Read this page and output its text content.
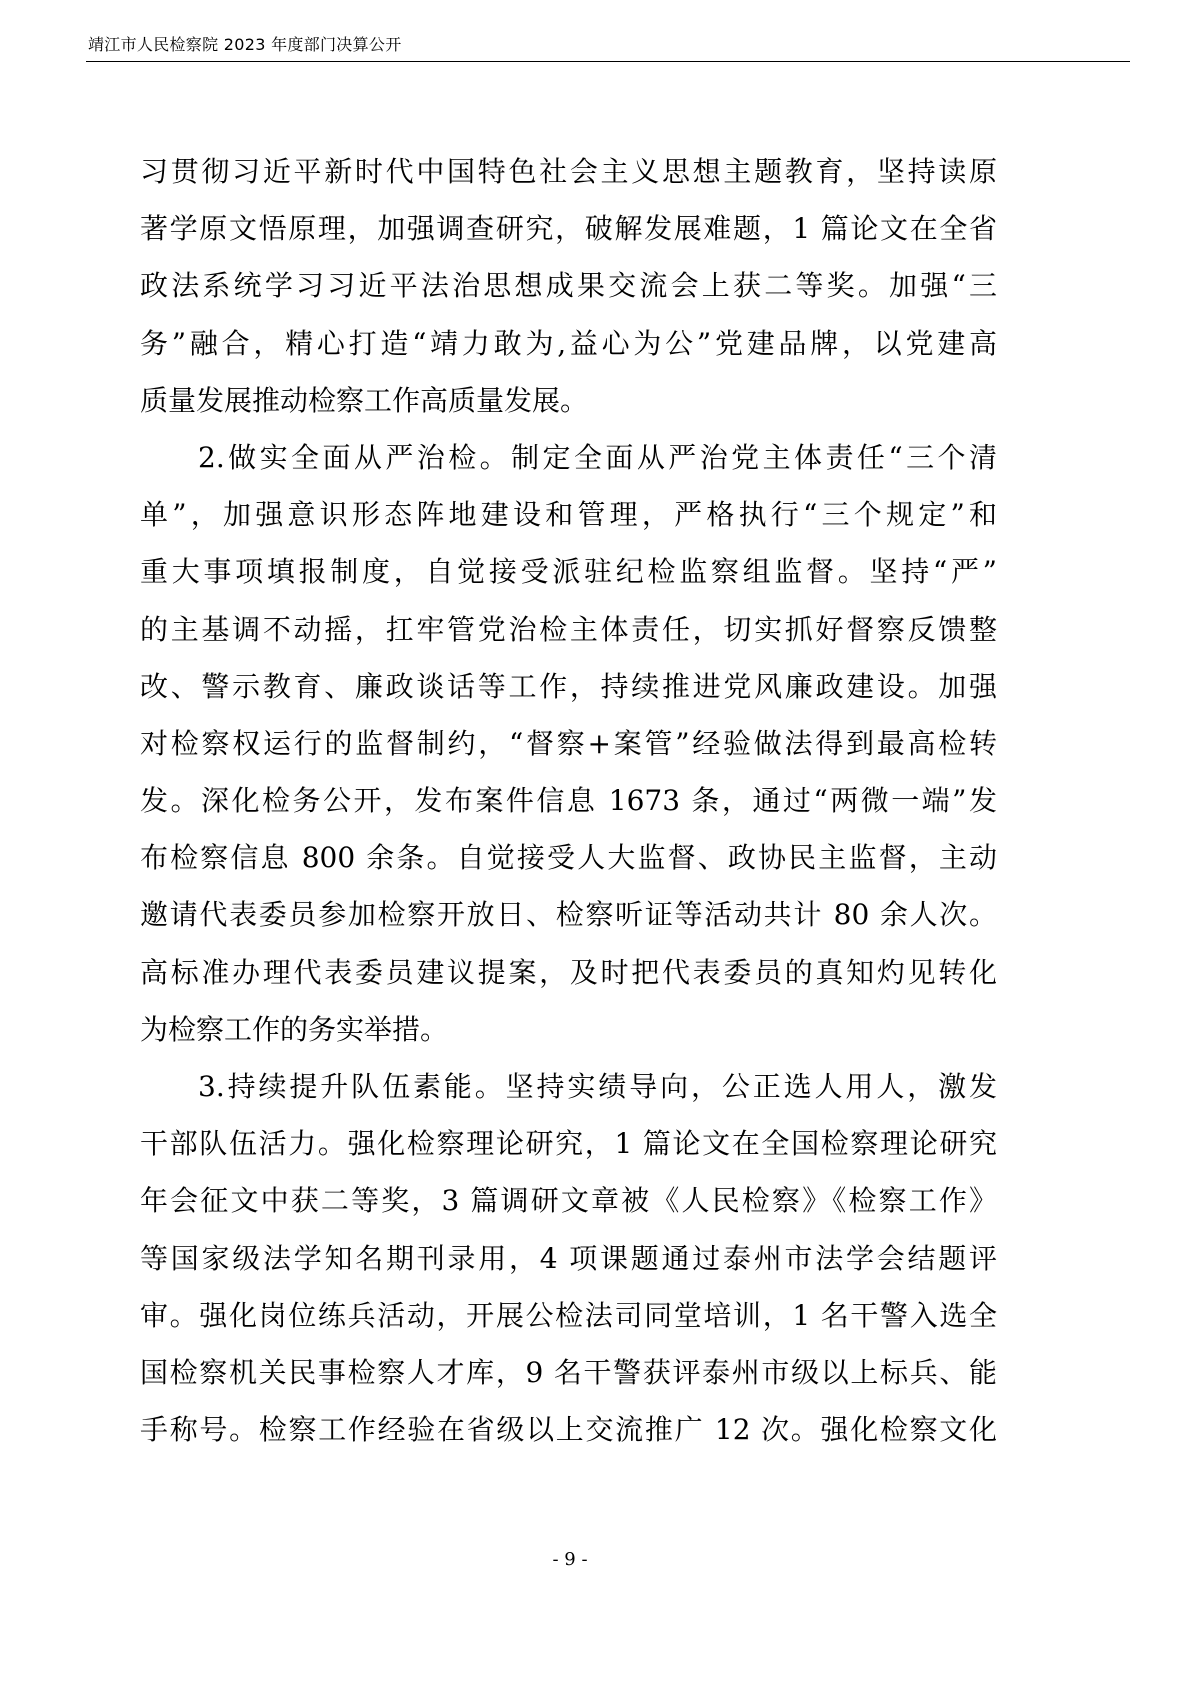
靖江市人民检察院 2023 年度部门决算公开
习贯彻习近平新时代中国特色社会主义思想主题教育，坚持读原
著学原文悟原理，加强调查研究，破解发展难题，1 篇论文在全省
政法系统学习习近平法治思想成果交流会上获二等奖。加强“三
务”融合，精心打造“靖力敢为,益心为公”党建品牌，以党建高
质量发展推动检察工作高质量发展。
2.做实全面从严治检。制定全面从严治党主体责任“三个清
单”，加强意识形态阵地建设和管理，严格执行“三个规定”和
重大事项填报制度，自觉接受派驻纪检监察组监督。坚持“严”
的主基调不动摇，扛牢管党治检主体责任，切实抓好督察反馈整
改、警示教育、廉政谈话等工作，持续推进党风廉政建设。加强
对检察权运行的监督制约，“督察+案管”经验做法得到最高检转
发。深化检务公开，发布案件信息 1673 条，通过“两微一端”发
布检察信息 800 余条。自觉接受人大监督、政协民主监督，主动
邀请代表委员参加检察开放日、检察听证等活动共计 80 余人次。
高标准办理代表委员建议提案，及时把代表委员的真知灼见转化
为检察工作的务实举措。
3.持续提升队伍素能。坚持实绩导向，公正选人用人，激发
干部队伍活力。强化检察理论研究，1 篇论文在全国检察理论研究
年会征文中获二等奖，3 篇调研文章被《人民检察》《检察工作》
等国家级法学知名期刊录用，4 项课题通过泰州市法学会结题评
审。强化岗位练兵活动，开展公检法司同堂培训，1 名干警入选全
国检察机关民事检察人才库，9 名干警获评泰州市级以上标兵、能
手称号。检察工作经验在省级以上交流推广 12 次。强化检察文化
- 9 -
